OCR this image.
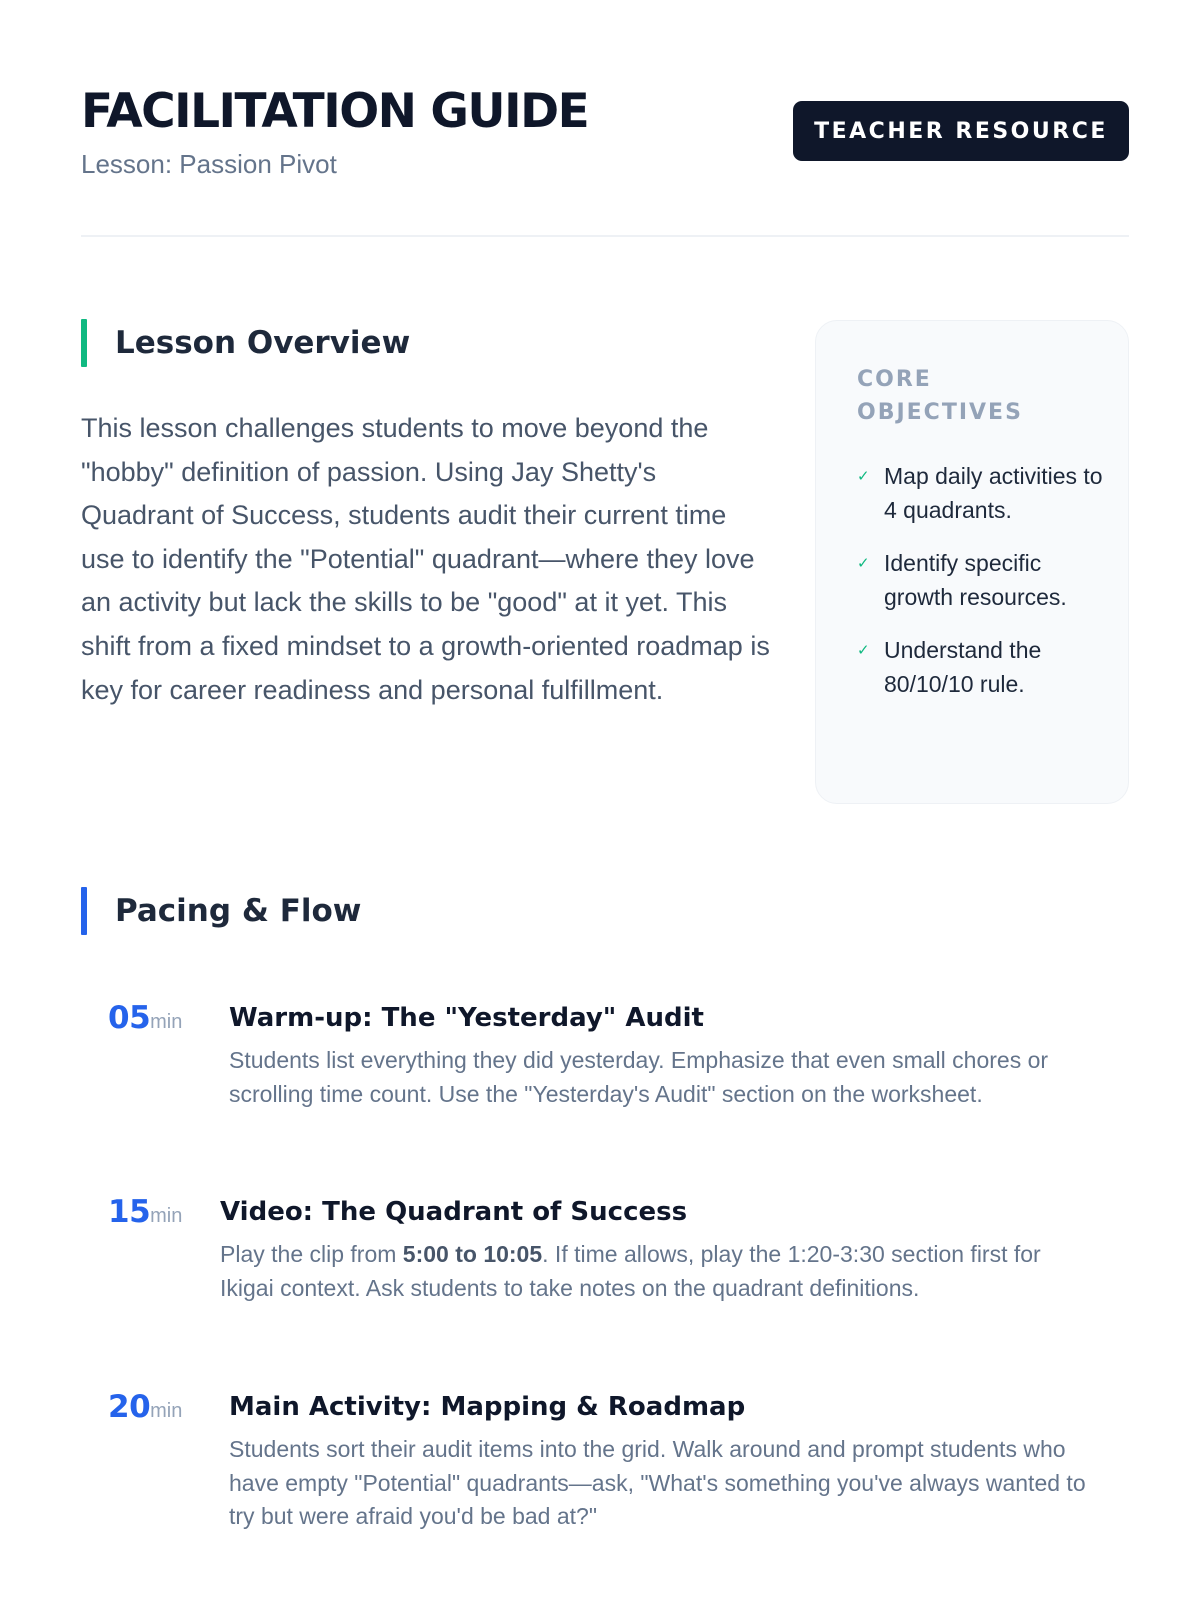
FACILITATION GUIDE
Lesson: Passion Pivot
TEACHER RESOURCE
Lesson Overview

This lesson challenges students to move beyond the "hobby" definition of passion. Using Jay Shetty's Quadrant of Success, students audit their current time use to identify the "Potential" quadrant—where they love an activity but lack the skills to be "good" at it yet. This shift from a fixed mindset to a growth-oriented roadmap is key for career readiness and personal fulfillment.

CORE OBJECTIVES
✓ Map daily activities to 4 quadrants.
✓ Identify specific growth resources.
✓ Understand the 80/10/10 rule.
Pacing & Flow
05min Warm-up: The "Yesterday" Audit

Students list everything they did yesterday. Emphasize that even small chores or scrolling time count. Use the "Yesterday's Audit" section on the worksheet.

15min Video: The Quadrant of Success

Play the clip from 5:00 to 10:05. If time allows, play the 1:20-3:30 section first for Ikigai context. Ask students to take notes on the quadrant definitions.

20min Main Activity: Mapping & Roadmap

Students sort their audit items into the grid. Walk around and prompt students who have empty "Potential" quadrants—ask, "What's something you've always wanted to try but were afraid you'd be bad at?"
